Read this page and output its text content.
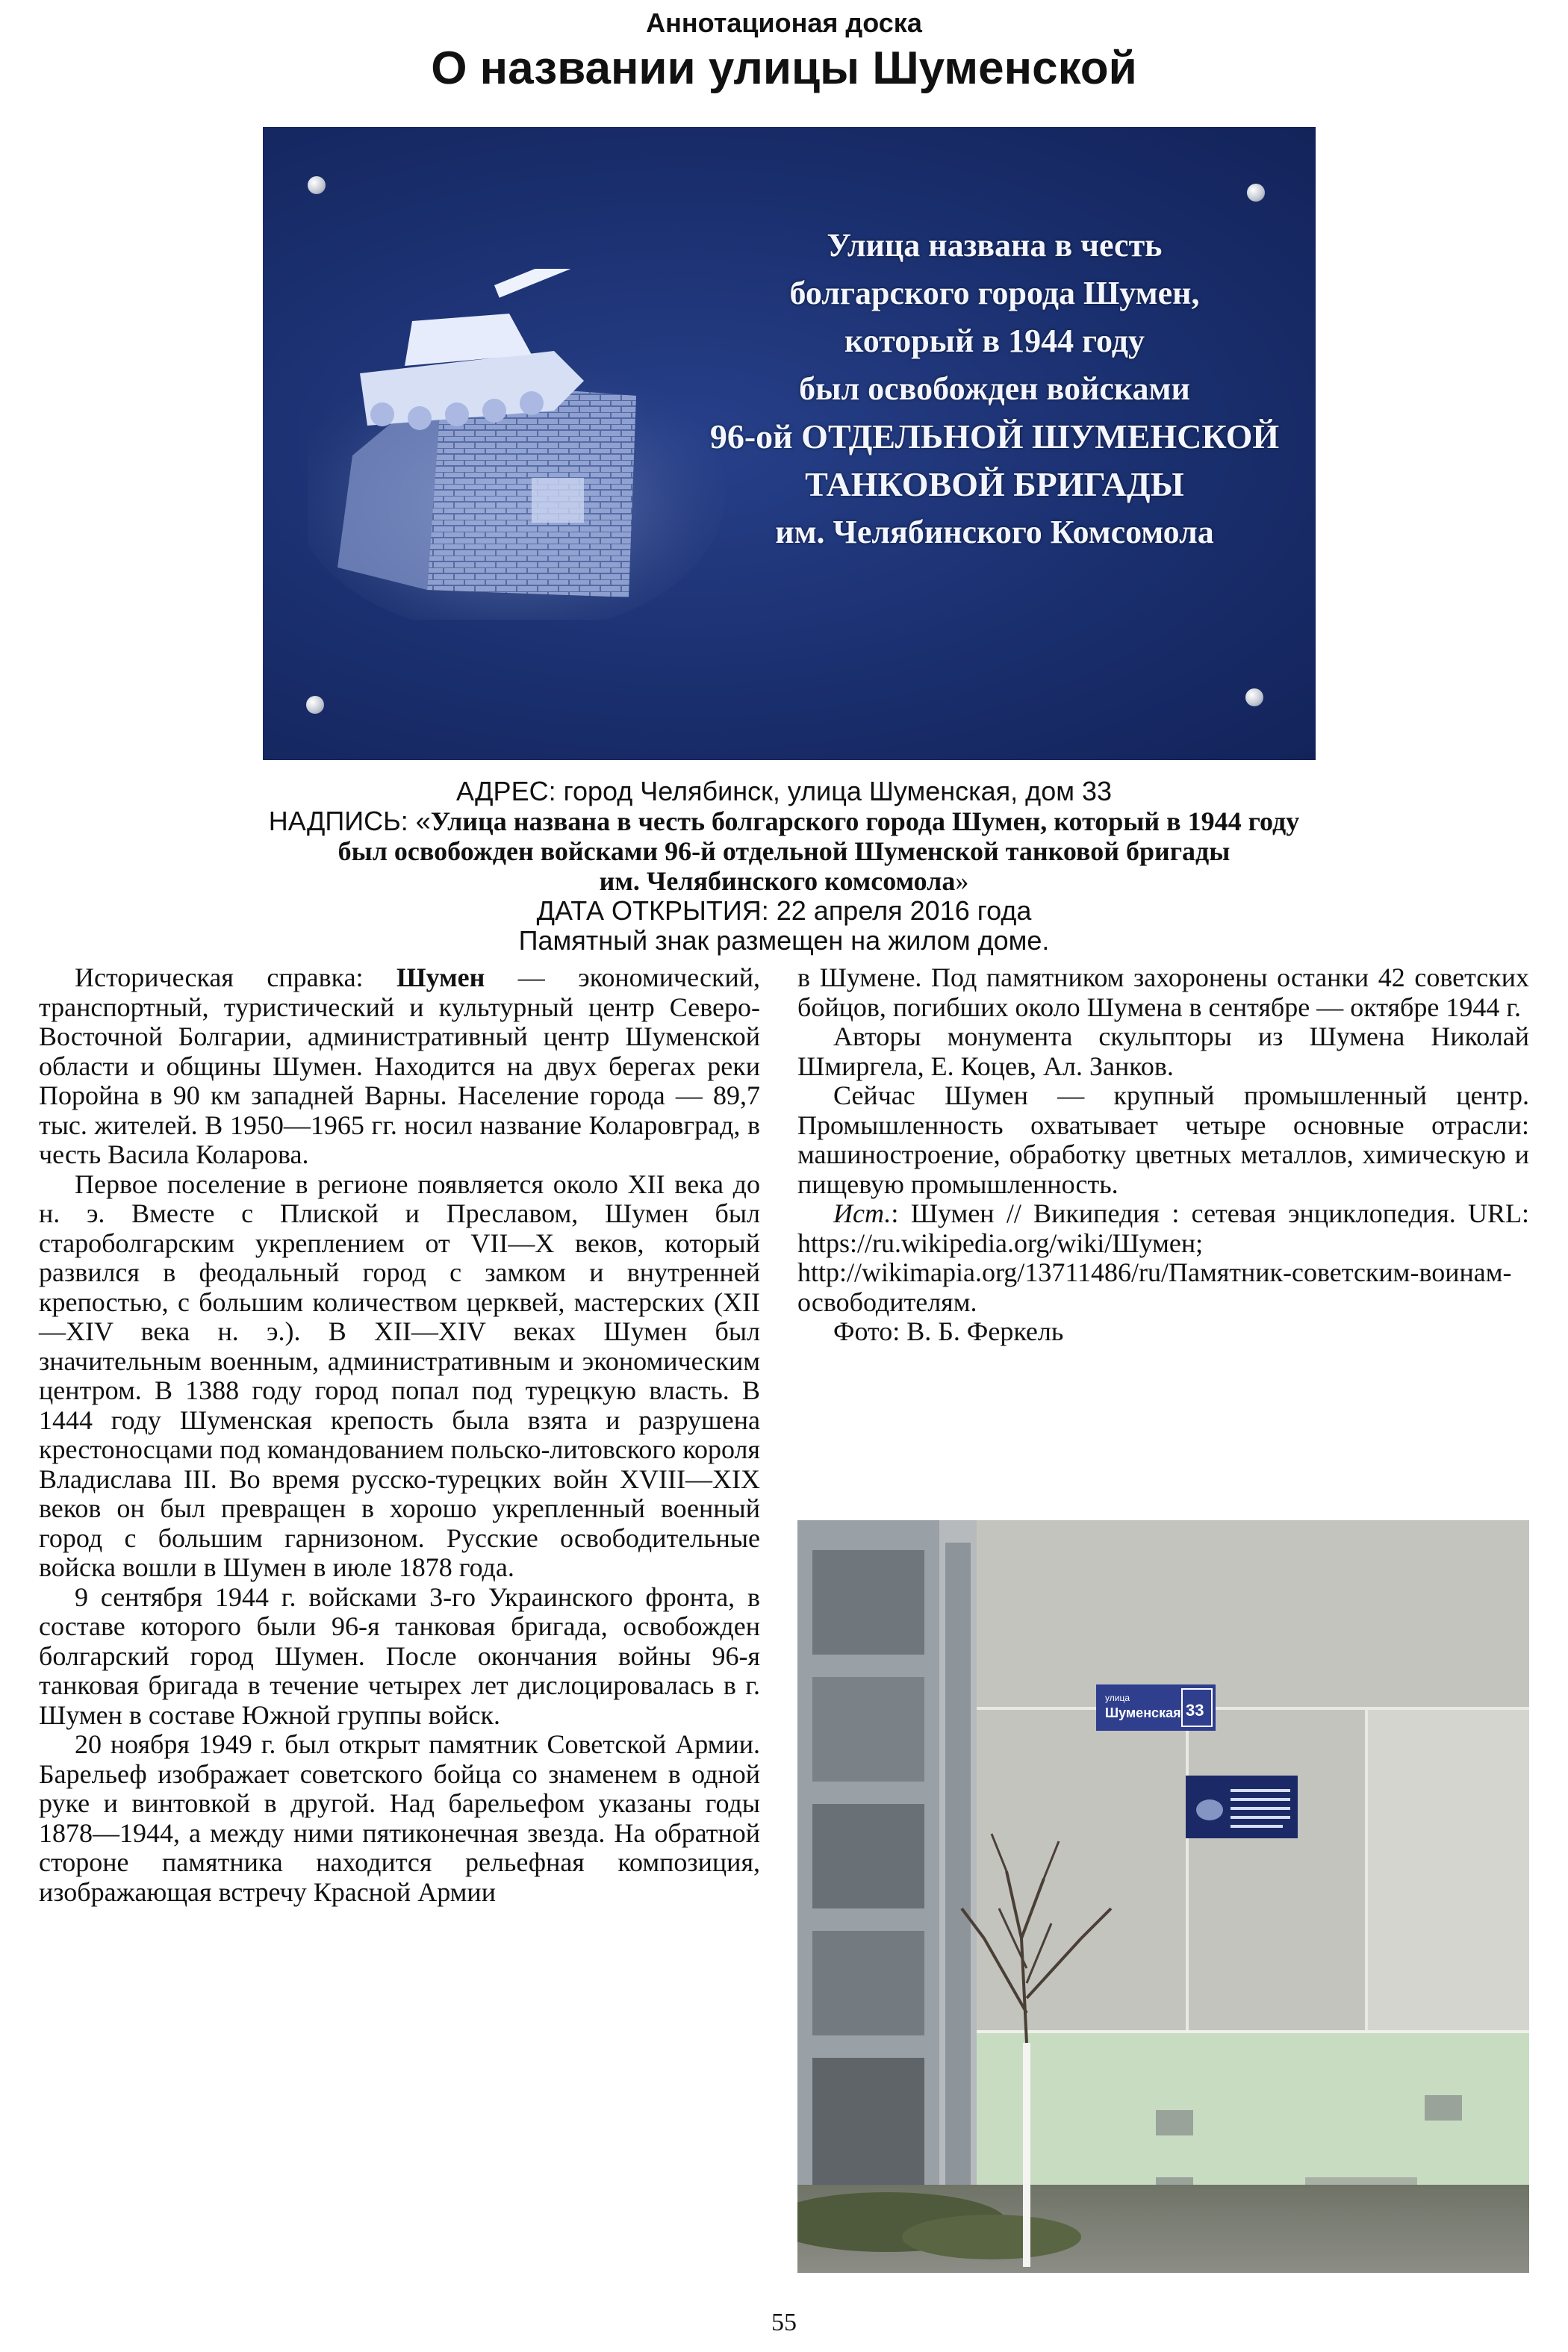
Аннотационая доска
О названии улицы Шуменской
Улица названа в честь
болгарского города Шумен,
который в 1944 году
был освобожден войсками
96-ой ОТДЕЛЬНОЙ ШУМЕНСКОЙ
ТАНКОВОЙ БРИГАДЫ
им. Челябинского Комсомола
АДРЕС: город Челябинск, улица Шуменская, дом 33
НАДПИСЬ: «Улица названа в честь болгарского города Шумен, который в 1944 году
был освобожден войсками 96-й отдельной Шуменской танковой бригады
им. Челябинского комсомола»
ДАТА ОТКРЫТИЯ: 22 апреля 2016 года
Памятный знак размещен на жилом доме.

Историческая справка: Шумен — экономический, транспортный, туристический и культурный центр Северо-Восточной Болгарии, административный центр Шуменской области и общины Шумен. Находится на двух берегах реки Поройна в 90 км западней Варны. Население города — 89,7 тыс. жителей. В 1950—1965 гг. носил название Коларовград, в честь Васила Коларова.

Первое поселение в регионе появляется около XII века до н. э. Вместе с Плиской и Преславом, Шумен был староболгарским укреплением от VII—X веков, который развился в феодальный город с замком и внутренней крепостью, с большим количеством церквей, мастерских (XII—XIV века н. э.). В XII—XIV веках Шумен был значительным военным, административным и экономическим центром. В 1388 году город попал под турецкую власть. В 1444 году Шуменская крепость была взята и разрушена крестоносцами под командованием польско-литовского короля Владислава III. Во время русско-турецких войн XVIII—XIX веков он был превращен в хорошо укрепленный военный город с большим гарнизоном. Русские освободительные войска вошли в Шумен в июле 1878 года.

9 сентября 1944 г. войсками 3-го Украинского фронта, в составе которого были 96-я танковая бригада, освобожден болгарский город Шумен. После окончания войны 96-я танковая бригада в течение четырех лет дислоцировалась в г. Шумен в составе Южной группы войск.

20 ноября 1949 г. был открыт памятник Советской Армии. Барельеф изображает советского бойца со знаменем в одной руке и винтовкой в другой. Над барельефом указаны годы 1878—1944, а между ними пятиконечная звезда. На обратной стороне памятника находится рельефная композиция, изображающая встречу Красной Армии

в Шумене. Под памятником захоронены останки 42 советских бойцов, погибших около Шумена в сентябре — октябре 1944 г.

Авторы монумента скульпторы из Шумена Николай Шмиргела, Е. Коцев, Ал. Занков.

Сейчас Шумен — крупный промышленный центр. Промышленность охватывает четыре основные отрасли: машиностроение, обработку цветных металлов, химическую и пищевую промышленность.

Ист.: Шумен // Википедия : сетевая энциклопедия. URL: https://ru.wikipedia.org/wiki/Шумен; http://wikimapia.org/13711486/ru/Памятник-советским-воинам-освободителям.

Фото: В. Б. Феркель

улица
Шуменская 33
55
